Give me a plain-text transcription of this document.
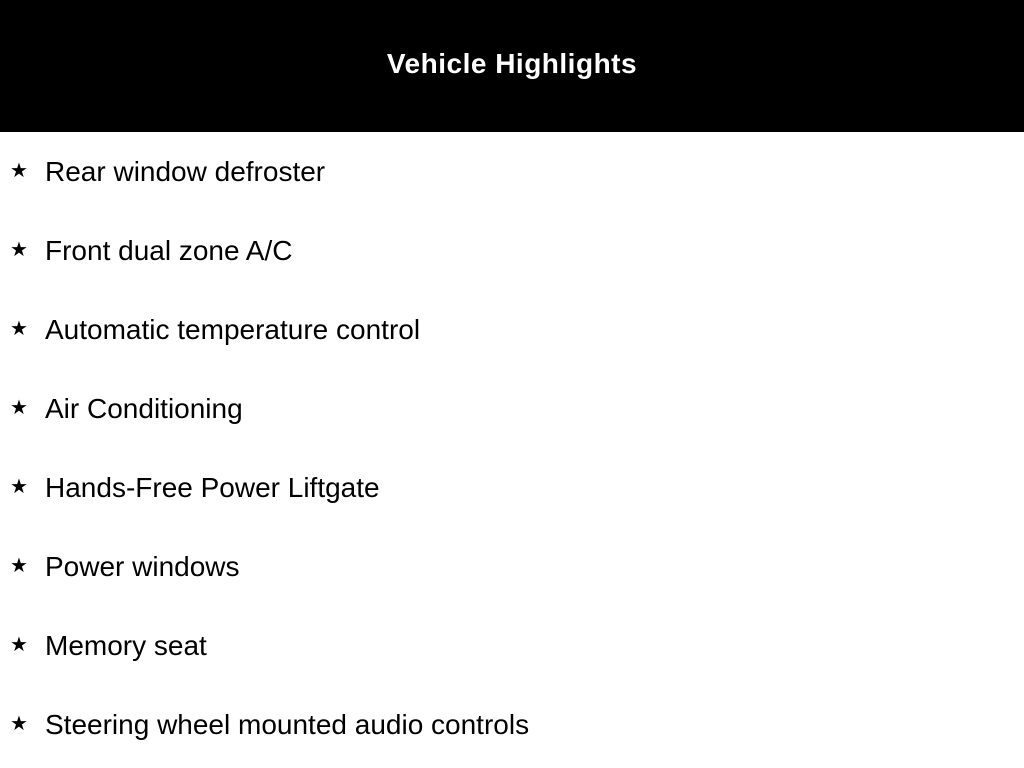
Vehicle Highlights
★ Rear window defroster
★ Front dual zone A/C
★ Automatic temperature control
★ Air Conditioning
★ Hands-Free Power Liftgate
★ Power windows
★ Memory seat
★ Steering wheel mounted audio controls
